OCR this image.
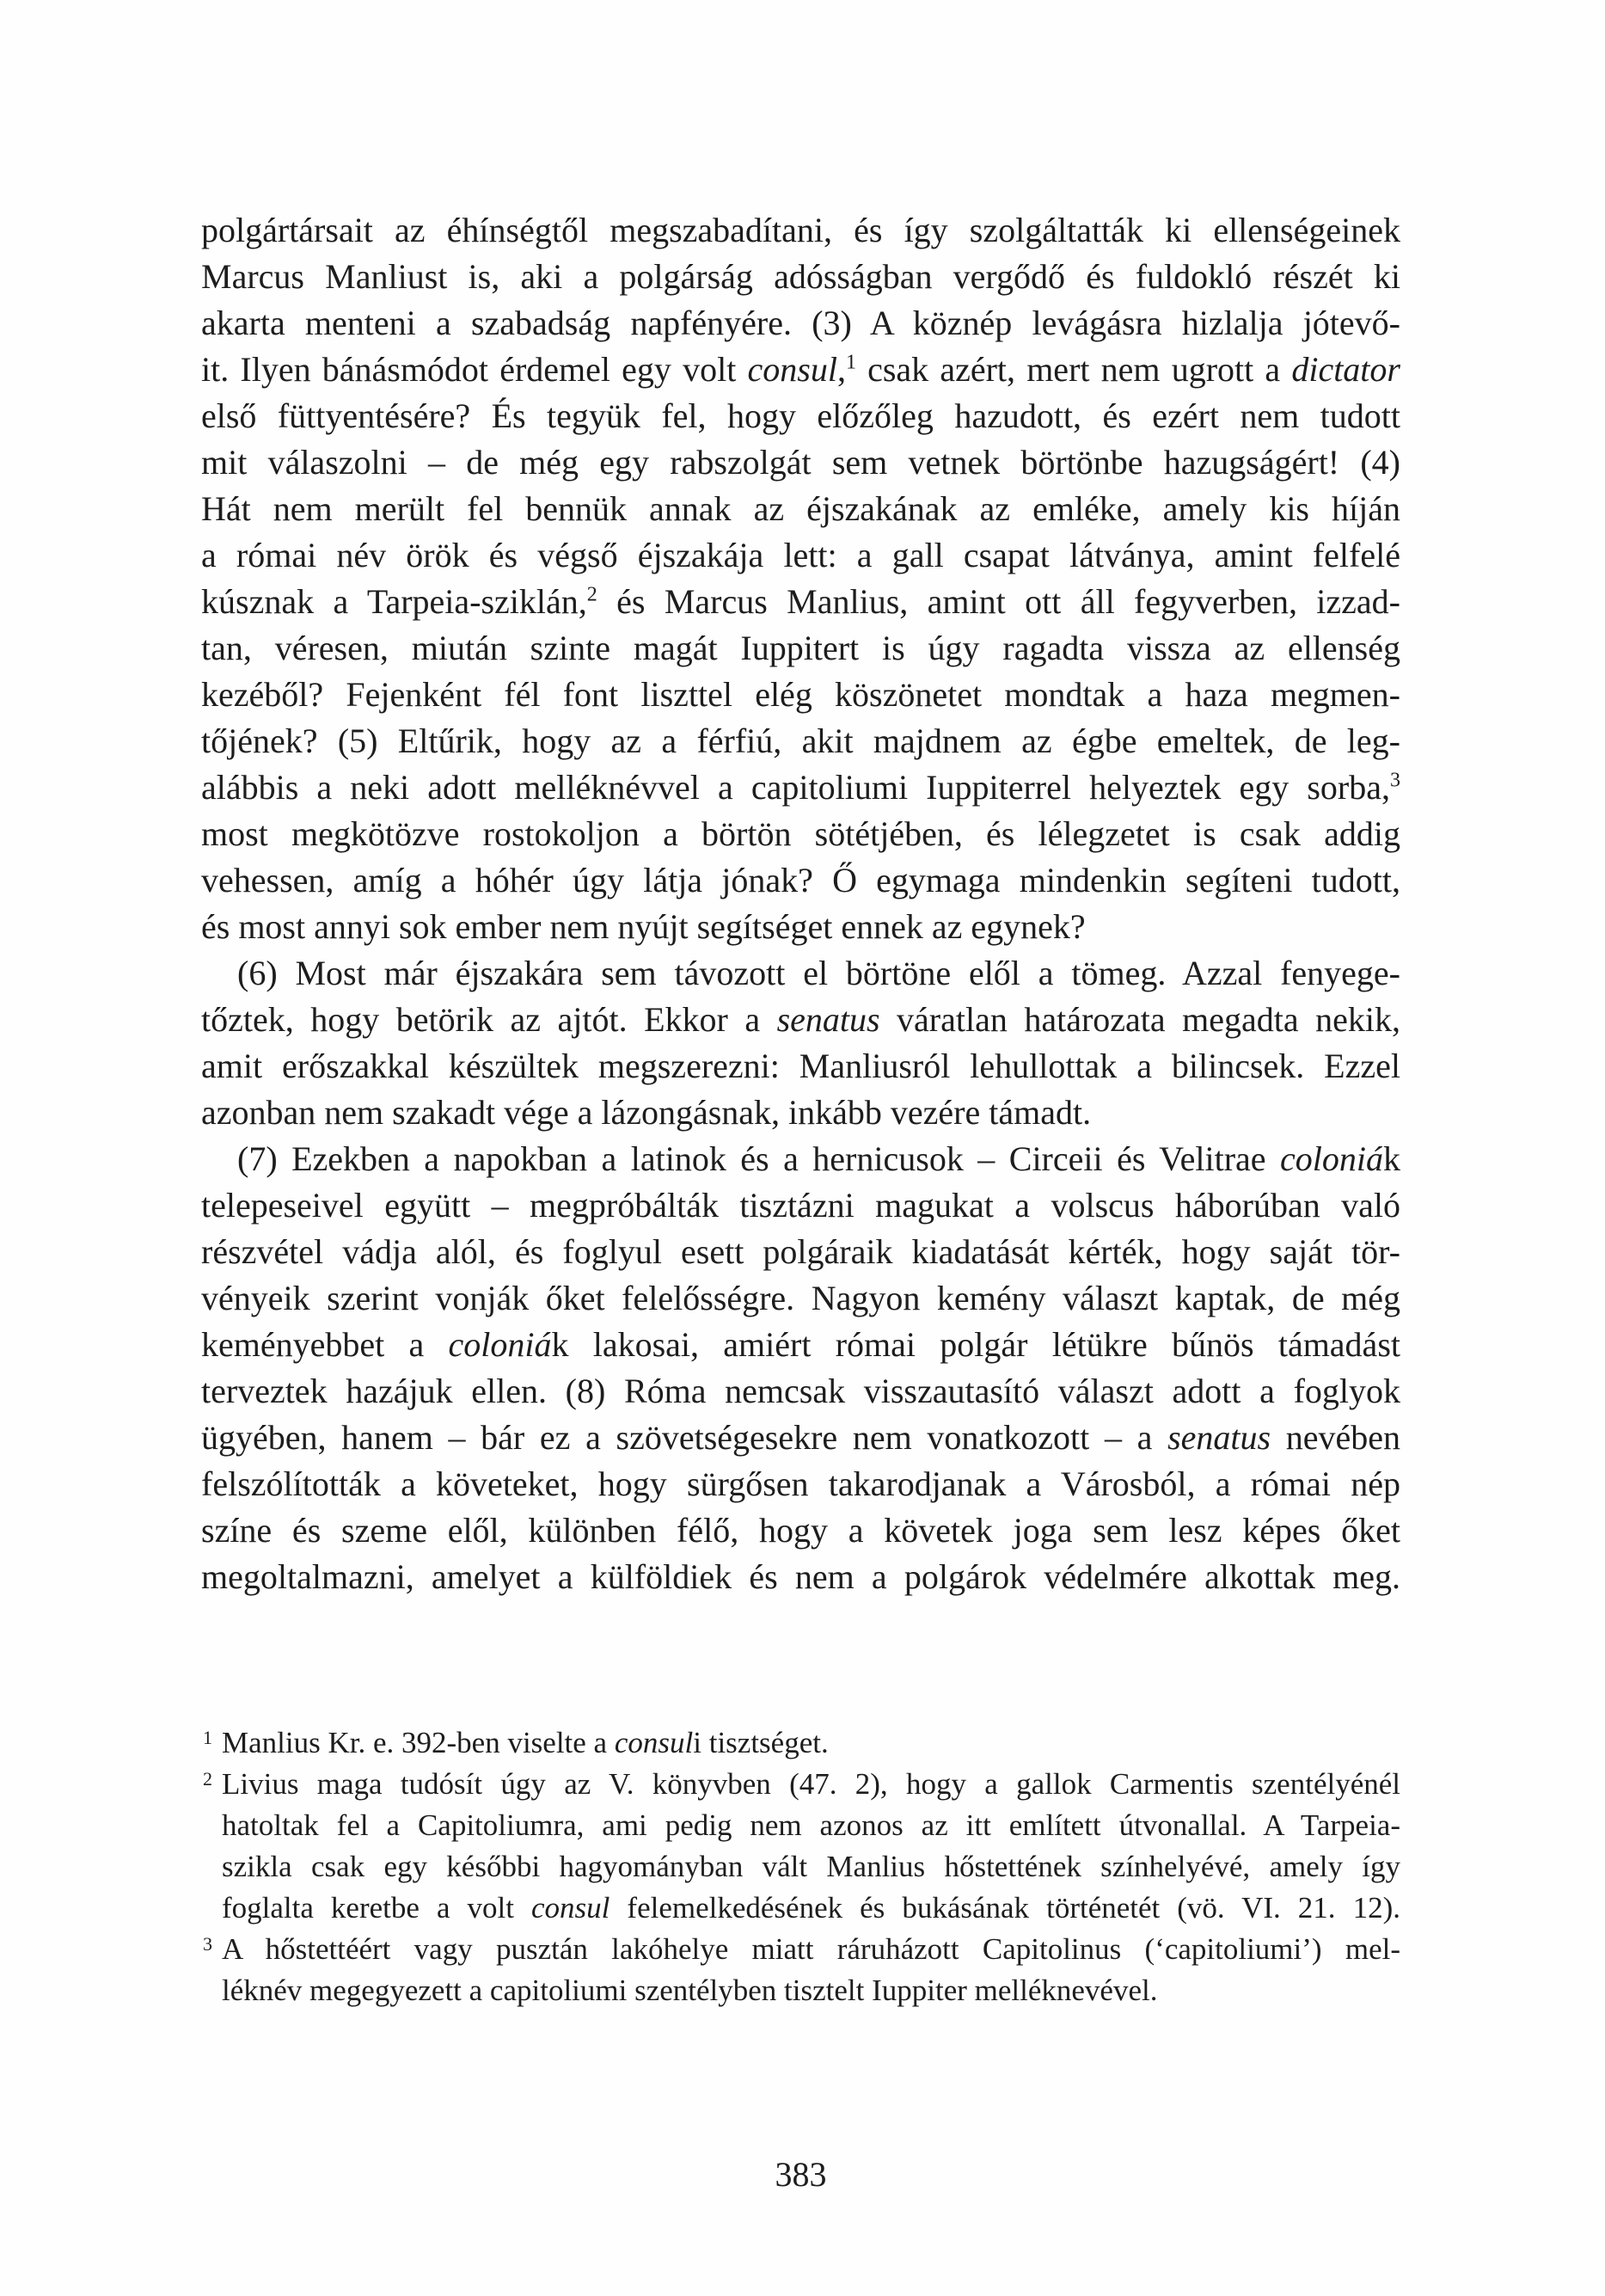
polgártársait az éhínségtől megszabadítani, és így szolgáltatták ki ellenségeinek
Marcus Manliust is, aki a polgárság adósságban vergődő és fuldokló részét ki
akarta menteni a szabadság napfényére. (3) A köznép levágásra hizlalja jótevő-
it. Ilyen bánásmódot érdemel egy volt consul,$^1$ csak azért, mert nem ugrott a dictator
első füttyentésére? És tegyük fel, hogy előzőleg hazudott, és ezért nem tudott
mit válaszolni – de még egy rabszolgát sem vetnek börtönbe hazugságért! (4)
Hát nem merült fel bennük annak az éjszakának az emléke, amely kis híján
a római név örök és végső éjszakája lett: a gall csapat látványa, amint felfelé
kúsznak a Tarpeia-sziklán,$^2$ és Marcus Manlius, amint ott áll fegyverben, izzad-
tan, véresen, miután szinte magát Iuppitert is úgy ragadta vissza az ellenség
kezéből? Fejenként fél font liszttel elég köszönetet mondtak a haza megmen-
tőjének? (5) Eltűrik, hogy az a férfiú, akit majdnem az égbe emeltek, de leg-
alábbis a neki adott melléknévvel a capitoliumi Iuppiterrel helyeztek egy sorba,$^3$
most megkötözve rostokoljon a börtön sötétjében, és lélegzetet is csak addig
vehessen, amíg a hóhér úgy látja jónak? Ő egymaga mindenkin segíteni tudott,
és most annyi sok ember nem nyújt segítséget ennek az egynek?
(6) Most már éjszakára sem távozott el börtöne elől a tömeg. Azzal fenyege-
tőztek, hogy betörik az ajtót. Ekkor a senatus váratlan határozata megadta nekik,
amit erőszakkal készültek megszerezni: Manliusról lehullottak a bilincsek. Ezzel
azonban nem szakadt vége a lázongásnak, inkább vezére támadt.
(7) Ezekben a napokban a latinok és a hernicusok – Circeii és Velitrae coloniák
telepeseivel együtt – megpróbálták tisztázni magukat a volscus háborúban való
részvétel vádja alól, és foglyul esett polgáraik kiadatását kérték, hogy saját tör-
vényeik szerint vonják őket felelősségre. Nagyon kemény választ kaptak, de még
keményebbet a coloniák lakosai, amiért római polgár létükre bűnös támadást
terveztek hazájuk ellen. (8) Róma nemcsak visszautasító választ adott a foglyok
ügyében, hanem – bár ez a szövetségesekre nem vonatkozott – a senatus nevében
felszólították a követeket, hogy sürgősen takarodjanak a Városból, a római nép
színe és szeme elől, különben félő, hogy a követek joga sem lesz képes őket
megoltalmazni, amelyet a külföldiek és nem a polgárok védelmére alkottak meg.
1 Manlius Kr. e. 392-ben viselte a consuli tisztséget.
2 Livius maga tudósít úgy az V. könyvben (47. 2), hogy a gallok Carmentis szentélyénél
hatoltak fel a Capitoliumra, ami pedig nem azonos az itt említett útvonallal. A Tarpeia-
szikla csak egy későbbi hagyományban vált Manlius hőstettének színhelyévé, amely így
foglalta keretbe a volt consul felemelkedésének és bukásának történetét (vö. VI. 21. 12).
3 A hőstettéért vagy pusztán lakóhelye miatt ráruházott Capitolinus (‘capitoliumi’) mel-
léknév megegyezett a capitoliumi szentélyben tisztelt Iuppiter melléknevével.
383
